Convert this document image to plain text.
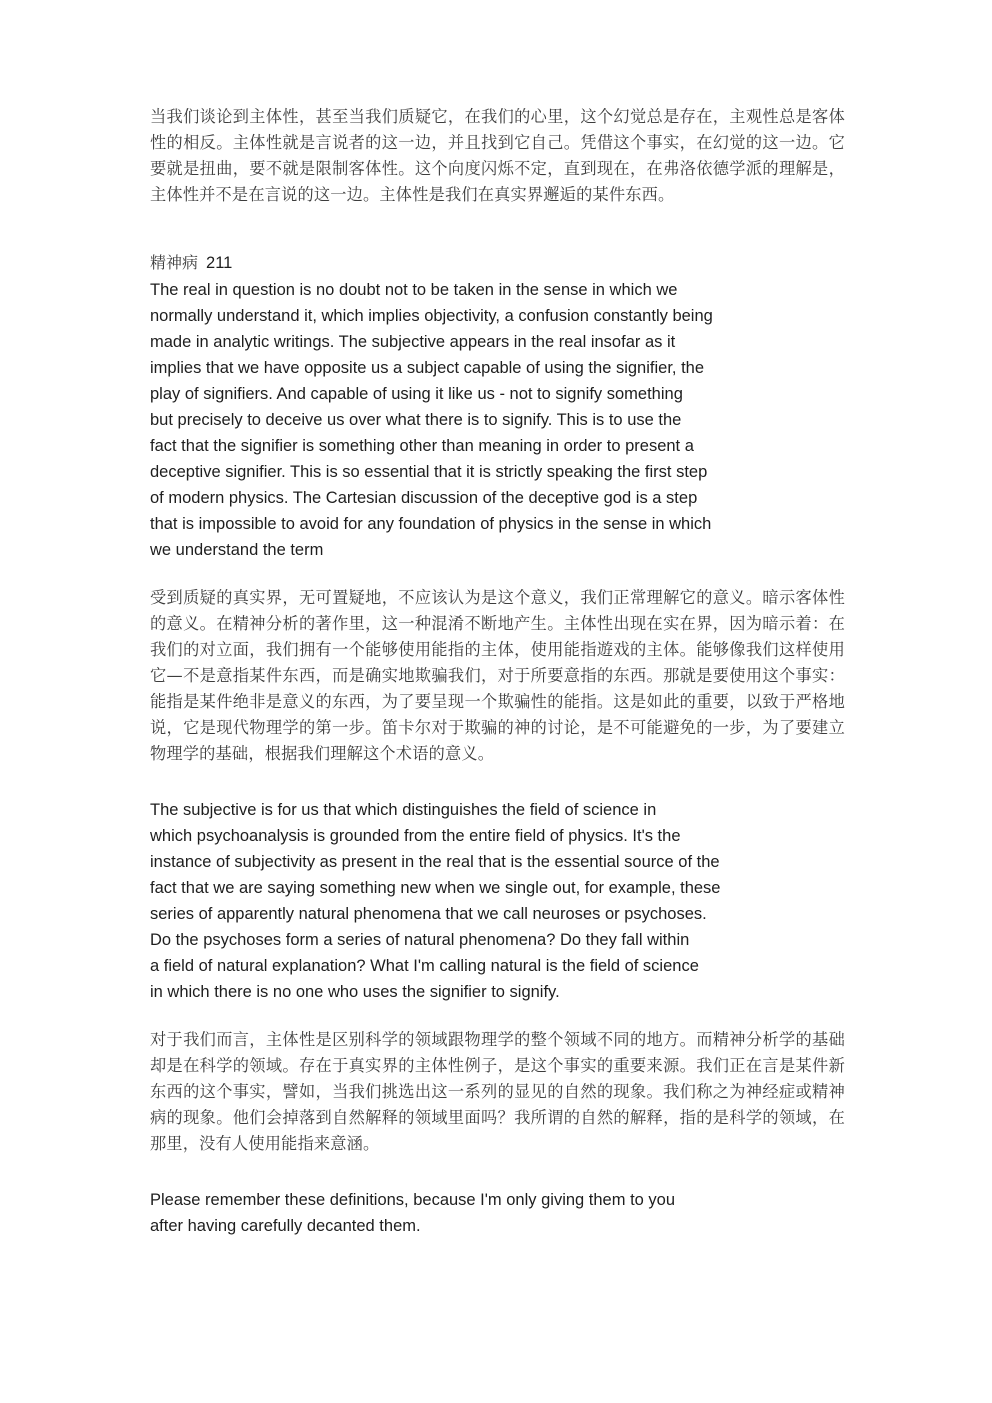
当我们谈论到主体性，甚至当我们质疑它，在我们的心里，这个幻觉总是存在，主观性总是客体性的相反。主体性就是言说者的这一边，并且找到它自己。凭借这个事实，在幻觉的这一边。它要就是扭曲，要不就是限制客体性。这个向度闪烁不定，直到现在，在弗洛依德学派的理解是，主体性并不是在言说的这一边。主体性是我们在真实界邂逅的某件东西。

精神病 211
The real in question is no doubt not to be taken in the sense in which we
normally understand it, which implies objectivity, a confusion constantly being
made in analytic writings. The subjective appears in the real insofar as it
implies that we have opposite us a subject capable of using the signifier, the
play of signifiers. And capable of using it like us - not to signify something
but precisely to deceive us over what there is to signify. This is to use the
fact that the signifier is something other than meaning in order to present a
deceptive signifier. This is so essential that it is strictly speaking the first step
of modern physics. The Cartesian discussion of the deceptive god is a step
that is impossible to avoid for any foundation of physics in the sense in which
we understand the term

受到质疑的真实界，无可置疑地，不应该认为是这个意义，我们正常理解它的意义。暗示客体性的意义。在精神分析的著作里，这一种混淆不断地产生。主体性出现在实在界，因为暗示着：在我们的对立面，我们拥有一个能够使用能指的主体，使用能指遊戏的主体。能够像我们这样使用它—不是意指某件东西，而是确实地欺骗我们，对于所要意指的东西。那就是要使用这个事实：能指是某件绝非是意义的东西，为了要呈现一个欺骗性的能指。这是如此的重要，以致于严格地说，它是现代物理学的第一步。笛卡尔对于欺骗的神的讨论，是不可能避免的一步，为了要建立物理学的基础，根据我们理解这个术语的意义。

The subjective is for us that which distinguishes the field of science in
which psychoanalysis is grounded from the entire field of physics. It's the
instance of subjectivity as present in the real that is the essential source of the
fact that we are saying something new when we single out, for example, these
series of apparently natural phenomena that we call neuroses or psychoses.
Do the psychoses form a series of natural phenomena? Do they fall within
a field of natural explanation? What I'm calling natural is the field of science
in which there is no one who uses the signifier to signify.

对于我们而言，主体性是区别科学的领域跟物理学的整个领域不同的地方。而精神分析学的基础却是在科学的领域。存在于真实界的主体性例子，是这个事实的重要来源。我们正在言是某件新东西的这个事实，譬如，当我们挑选出这一系列的显见的自然的现象。我们称之为神经症或精神病的现象。他们会掉落到自然解释的领域里面吗？我所谓的自然的解释，指的是科学的领域，在那里，没有人使用能指来意涵。

Please remember these definitions, because I'm only giving them to you
after having carefully decanted them.
